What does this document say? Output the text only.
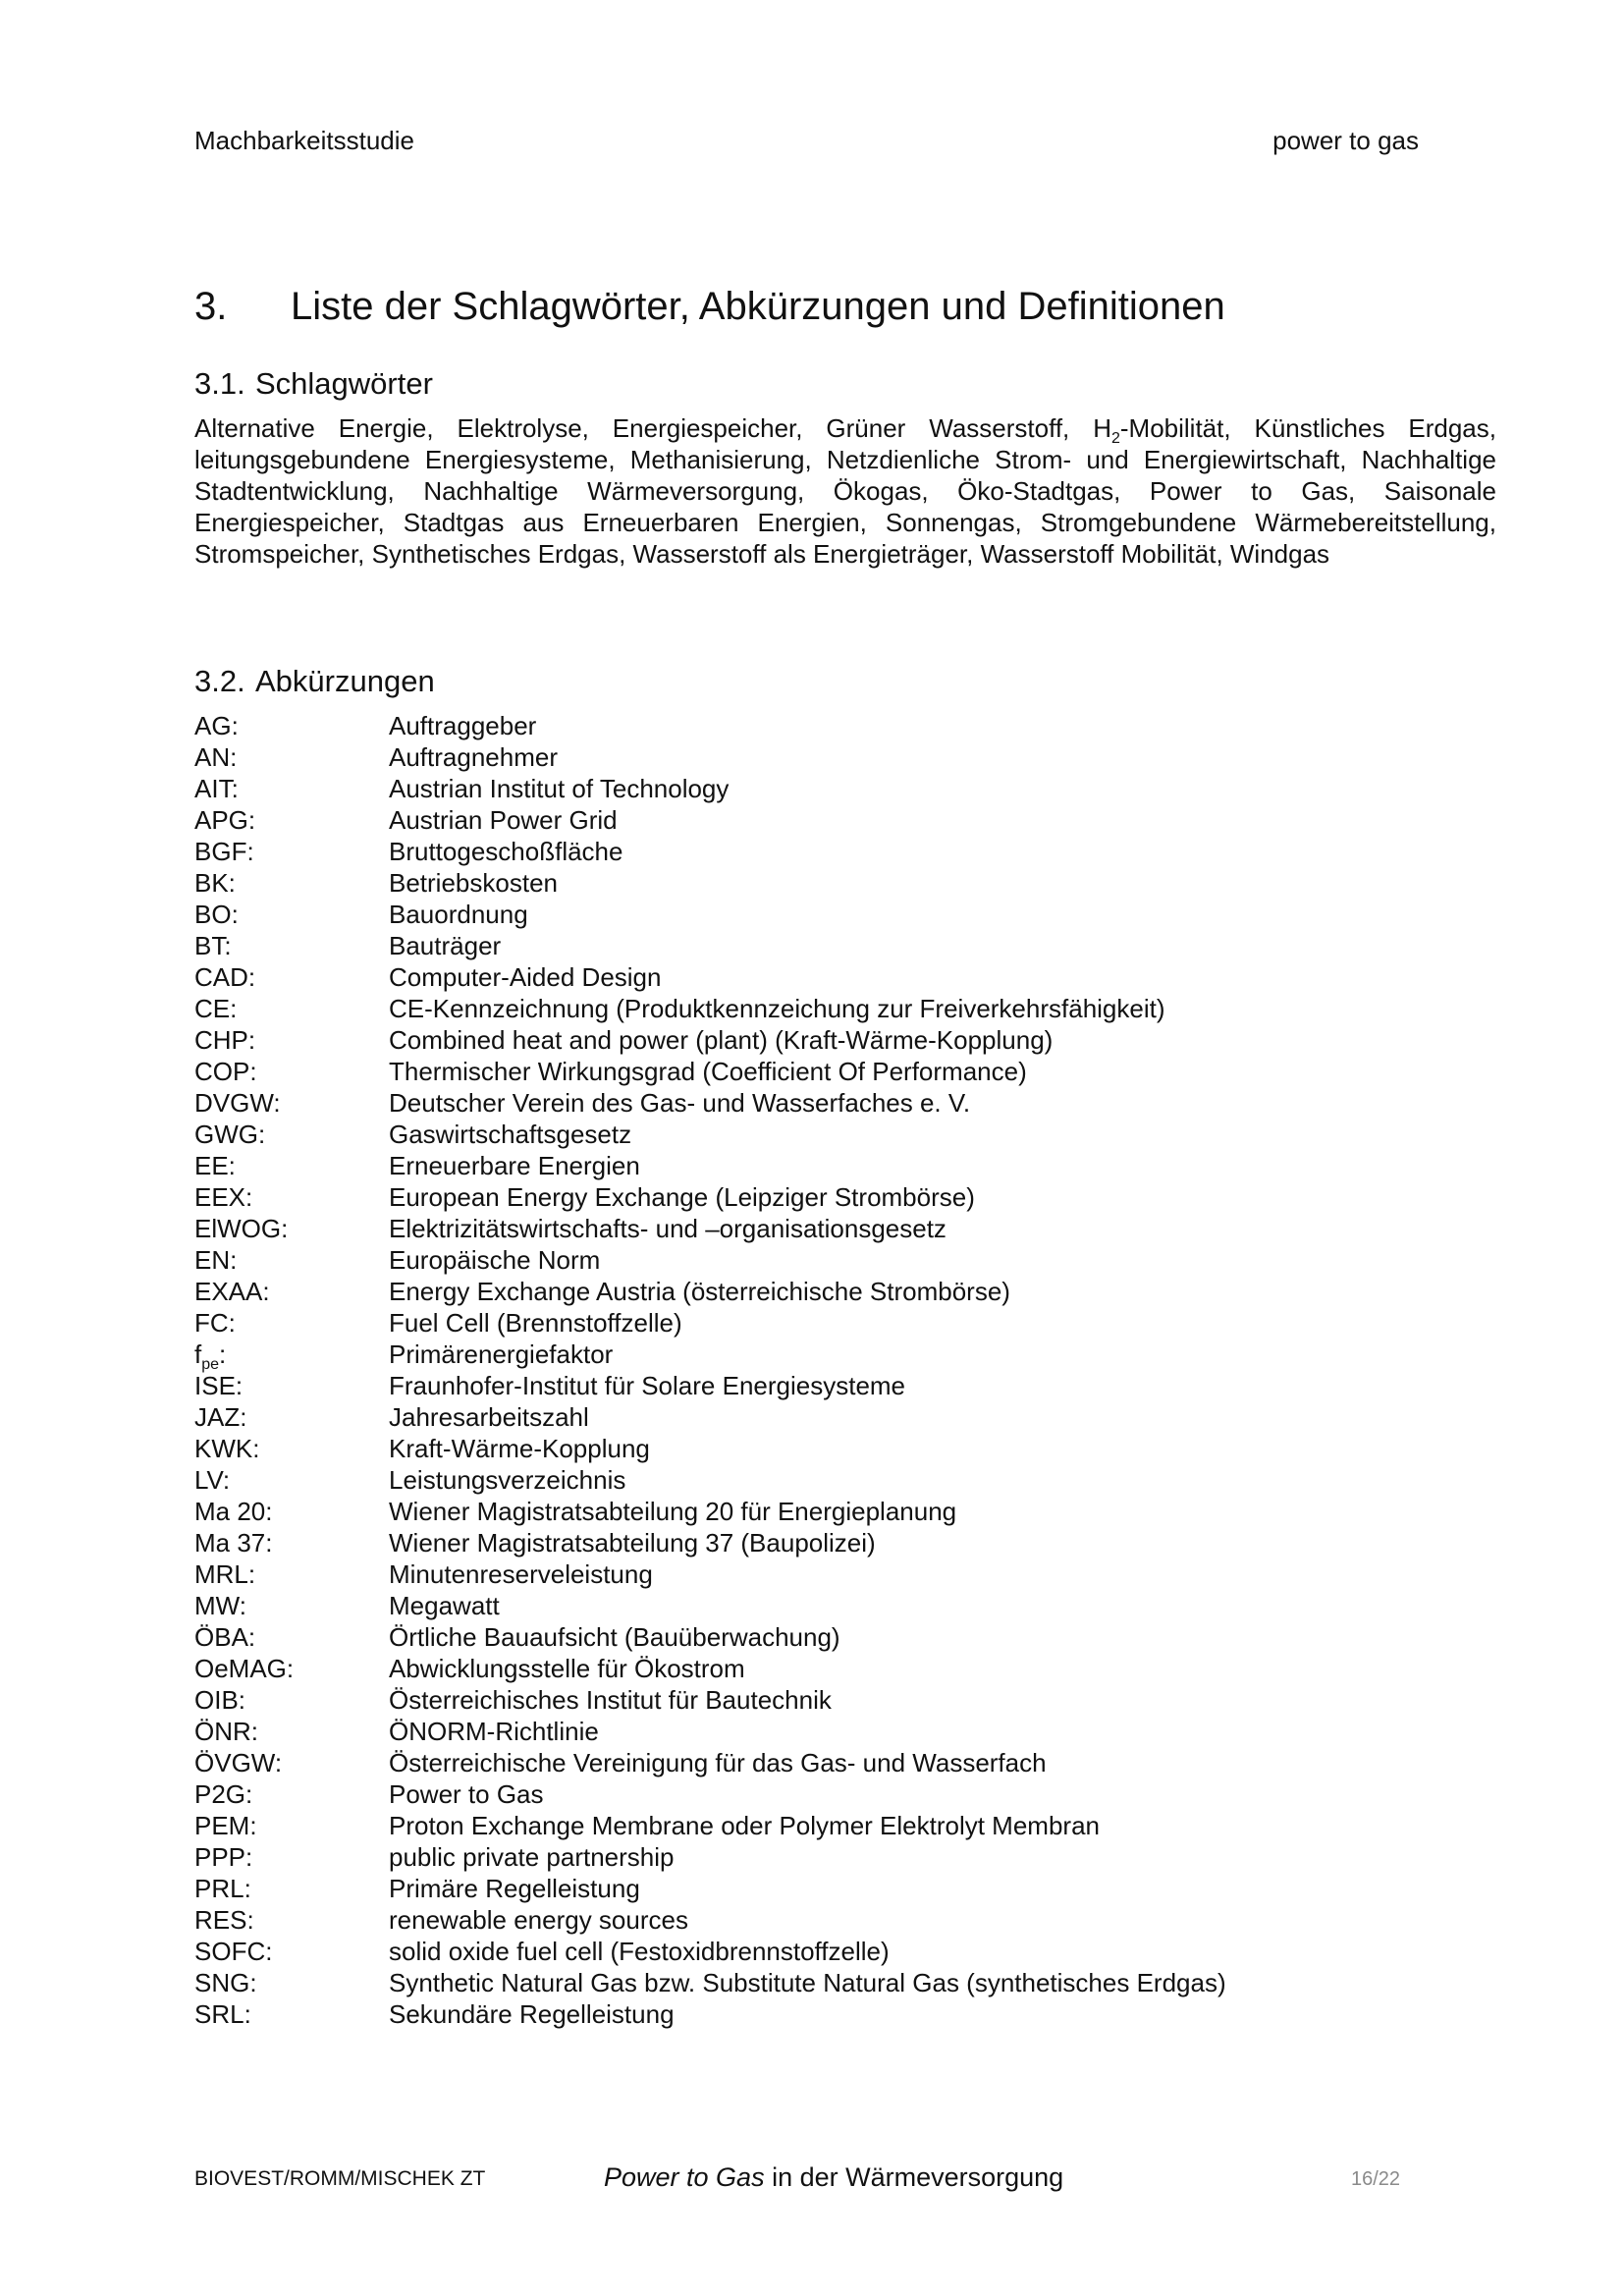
Machbarkeitsstudie	power to gas
3. Liste der Schlagwörter, Abkürzungen und Definitionen
3.1. Schlagwörter
Alternative Energie, Elektrolyse, Energiespeicher, Grüner Wasserstoff, $H_2$-Mobilität, Künstliches Erdgas, leitungsgebundene Energiesysteme, Methanisierung, Netzdienliche Strom- und Energiewirtschaft, Nachhaltige Stadtentwicklung, Nachhaltige Wärmeversorgung, Ökogas, Öko-Stadtgas, Power to Gas, Saisonale Energiespeicher, Stadtgas aus Erneuerbaren Energien, Sonnengas, Stromgebundene Wärmebereitstellung, Stromspeicher, Synthetisches Erdgas, Wasserstoff als Energieträger, Wasserstoff Mobilität, Windgas
3.2. Abkürzungen
AG:	Auftraggeber
AN:	Auftragnehmer
AIT:	Austrian Institut of Technology
APG:	Austrian Power Grid
BGF:	Bruttogeschoßfläche
BK:	Betriebskosten
BO:	Bauordnung
BT:	Bauträger
CAD:	Computer-Aided Design
CE:	CE-Kennzeichnung (Produktkennzeichung zur Freiverkehrsfähigkeit)
CHP:	Combined heat and power (plant) (Kraft-Wärme-Kopplung)
COP:	Thermischer Wirkungsgrad (Coefficient Of Performance)
DVGW:	Deutscher Verein des Gas- und Wasserfaches e. V.
GWG:	Gaswirtschaftsgesetz
EE:	Erneuerbare Energien
EEX:	European Energy Exchange (Leipziger Strombörse)
ElWOG:	Elektrizitätswirtschafts- und –organisationsgesetz
EN:	Europäische Norm
EXAA:	Energy Exchange Austria (österreichische Strombörse)
FC:	Fuel Cell (Brennstoffzelle)
$f_{pe}$:	Primärenergiefaktor
ISE:	Fraunhofer-Institut für Solare Energiesysteme
JAZ:	Jahresarbeitszahl
KWK:	Kraft-Wärme-Kopplung
LV:	Leistungsverzeichnis
Ma 20:	Wiener Magistratsabteilung 20 für Energieplanung
Ma 37:	Wiener Magistratsabteilung 37 (Baupolizei)
MRL:	Minutenreserveleistung
MW:	Megawatt
ÖBA:	Örtliche Bauaufsicht (Bauüberwachung)
OeMAG:	Abwicklungsstelle für Ökostrom
OIB:	Österreichisches Institut für Bautechnik
ÖNR:	ÖNORM-Richtlinie
ÖVGW:	Österreichische Vereinigung für das Gas- und Wasserfach
P2G:	Power to Gas
PEM:	Proton Exchange Membrane oder Polymer Elektrolyt Membran
PPP:	public private partnership
PRL:	Primäre Regelleistung
RES:	renewable energy sources
SOFC:	solid oxide fuel cell (Festoxidbrennstoffzelle)
SNG:	Synthetic Natural Gas bzw. Substitute Natural Gas (synthetisches Erdgas)
SRL:	Sekundäre Regelleistung
BIOVEST/ROMM/MISCHEK ZT	Power to Gas in der Wärmeversorgung	16/22
